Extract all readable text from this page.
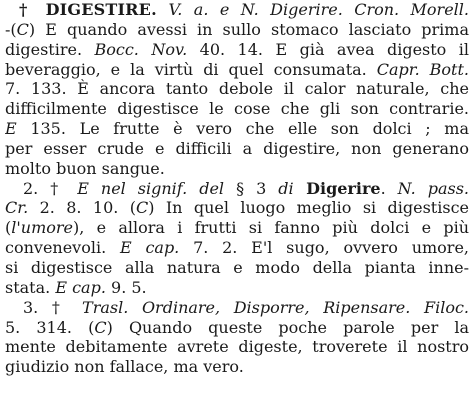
† DIGESTIRE. V. a. e N. Digerire. Cron. Morell.
-(C) E quando avessi in sullo stomaco lasciato prima
digestire. Bocc. Nov. 40. 14. E già avea digesto il
beveraggio, e la virtù di quel consumata. Capr. Bott.
7. 133. È ancora tanto debole il calor naturale, che
difficilmente digestisce le cose che gli son contrarie.
E 135. Le frutte è vero che elle son dolci ; ma
per esser crude e difficili a digestire, non generano
molto buon sangue.
2. † E nel signif. del § 3 di Digerire. N. pass.
Cr. 2. 8. 10. (C) In quel luogo meglio si digestisce
(l'umore), e allora i frutti si fanno più dolci e più
convenevoli. E cap. 7. 2. E'l sugo, ovvero umore,
si digestisce alla natura e modo della pianta inne-
stata. E cap. 9. 5.
3. † Trasl. Ordinare, Disporre, Ripensare. Filoc.
5. 314. (C) Quando queste poche parole per la
mente debitamente avrete digeste, troverete il nostro
giudizio non fallace, ma vero.
